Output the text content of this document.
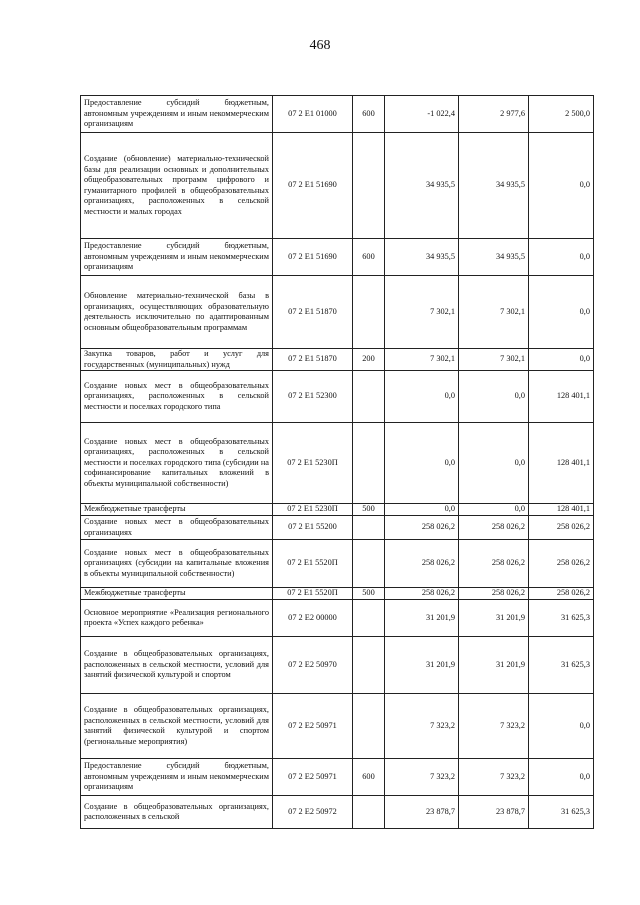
468
Предоставление субсидий бюджетным, автономным учреждениям и иным некоммерческим организациям	07 2 E1 01000	600	-1 022,4	2 977,6	2 500,0
Создание (обновление) материально-технической базы для реализации основных и дополнительных общеобразовательных программ цифрового и гуманитарного профилей в общеобразовательных организациях, расположенных в сельской местности и малых городах	07 2 E1 51690		34 935,5	34 935,5	0,0
Предоставление субсидий бюджетным, автономным учреждениям и иным некоммерческим организациям	07 2 E1 51690	600	34 935,5	34 935,5	0,0
Обновление материально-технической базы в организациях, осуществляющих образовательную деятельность исключительно по адаптированным основным общеобразовательным программам	07 2 E1 51870		7 302,1	7 302,1	0,0
Закупка товаров, работ и услуг для государственных (муниципальных) нужд	07 2 E1 51870	200	7 302,1	7 302,1	0,0
Создание новых мест в общеобразовательных организациях, расположенных в сельской местности и поселках городского типа	07 2 E1 52300		0,0	0,0	128 401,1
Создание новых мест в общеобразовательных организациях, расположенных в сельской местности и поселках городского типа (субсидии на софинансирование капитальных вложений в объекты муниципальной собственности)	07 2 E1 5230П		0,0	0,0	128 401,1
Межбюджетные трансферты	07 2 E1 5230П	500	0,0	0,0	128 401,1
Создание новых мест в общеобразовательных организациях	07 2 E1 55200		258 026,2	258 026,2	258 026,2
Создание новых мест в общеобразовательных организациях (субсидии на капитальные вложения в объекты муниципальной собственности)	07 2 E1 5520П		258 026,2	258 026,2	258 026,2
Межбюджетные трансферты	07 2 E1 5520П	500	258 026,2	258 026,2	258 026,2
Основное мероприятие «Реализация регионального проекта «Успех каждого ребенка»	07 2 E2 00000		31 201,9	31 201,9	31 625,3
Создание в общеобразовательных организациях, расположенных в сельской местности, условий для занятий физической культурой и спортом	07 2 E2 50970		31 201,9	31 201,9	31 625,3
Создание в общеобразовательных организациях, расположенных в сельской местности, условий для занятий физической культурой и спортом (региональные мероприятия)	07 2 E2 50971		7 323,2	7 323,2	0,0
Предоставление субсидий бюджетным, автономным учреждениям и иным некоммерческим организациям	07 2 E2 50971	600	7 323,2	7 323,2	0,0
Создание в общеобразовательных организациях, расположенных в сельской	07 2 E2 50972		23 878,7	23 878,7	31 625,3
